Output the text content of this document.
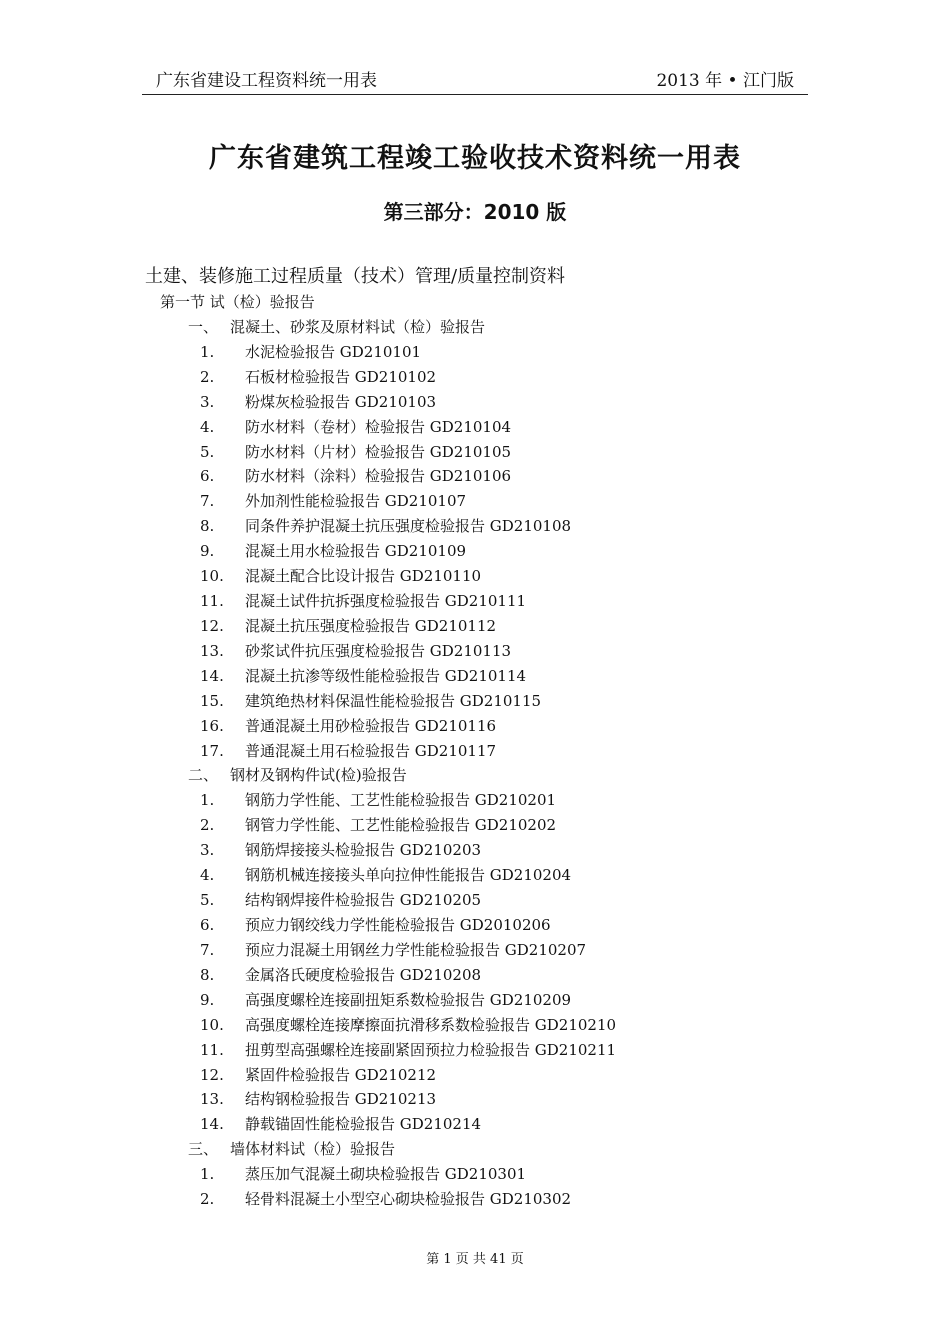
广东省建设工程资料统一用表	2013 年 • 江门版
广东省建筑工程竣工验收技术资料统一用表
第三部分：2010 版
土建、装修施工过程质量（技术）管理/质量控制资料
第一节 试（检）验报告
一、 混凝土、砂浆及原材料试（检）验报告
1. 水泥检验报告 GD210101
2. 石板材检验报告 GD210102
3. 粉煤灰检验报告 GD210103
4. 防水材料（卷材）检验报告 GD210104
5. 防水材料（片材）检验报告 GD210105
6. 防水材料（涂料）检验报告 GD210106
7. 外加剂性能检验报告 GD210107
8. 同条件养护混凝土抗压强度检验报告 GD210108
9. 混凝土用水检验报告 GD210109
10. 混凝土配合比设计报告 GD210110
11. 混凝土试件抗拆强度检验报告 GD210111
12. 混凝土抗压强度检验报告 GD210112
13. 砂浆试件抗压强度检验报告 GD210113
14. 混凝土抗渗等级性能检验报告 GD210114
15. 建筑绝热材料保温性能检验报告 GD210115
16. 普通混凝土用砂检验报告 GD210116
17. 普通混凝土用石检验报告 GD210117
二、 钢材及钢构件试(检)验报告
1. 钢筋力学性能、工艺性能检验报告 GD210201
2. 钢管力学性能、工艺性能检验报告 GD210202
3. 钢筋焊接接头检验报告 GD210203
4. 钢筋机械连接接头单向拉伸性能报告 GD210204
5. 结构钢焊接件检验报告 GD210205
6. 预应力钢绞线力学性能检验报告 GD2010206
7. 预应力混凝土用钢丝力学性能检验报告 GD210207
8. 金属洛氏硬度检验报告 GD210208
9. 高强度螺栓连接副扭矩系数检验报告 GD210209
10. 高强度螺栓连接摩擦面抗滑移系数检验报告 GD210210
11. 扭剪型高强螺栓连接副紧固预拉力检验报告 GD210211
12. 紧固件检验报告 GD210212
13. 结构钢检验报告 GD210213
14. 静载锚固性能检验报告 GD210214
三、 墙体材料试（检）验报告
1. 蒸压加气混凝土砌块检验报告 GD210301
2. 轻骨料混凝土小型空心砌块检验报告 GD210302
第 1 页 共 41 页
